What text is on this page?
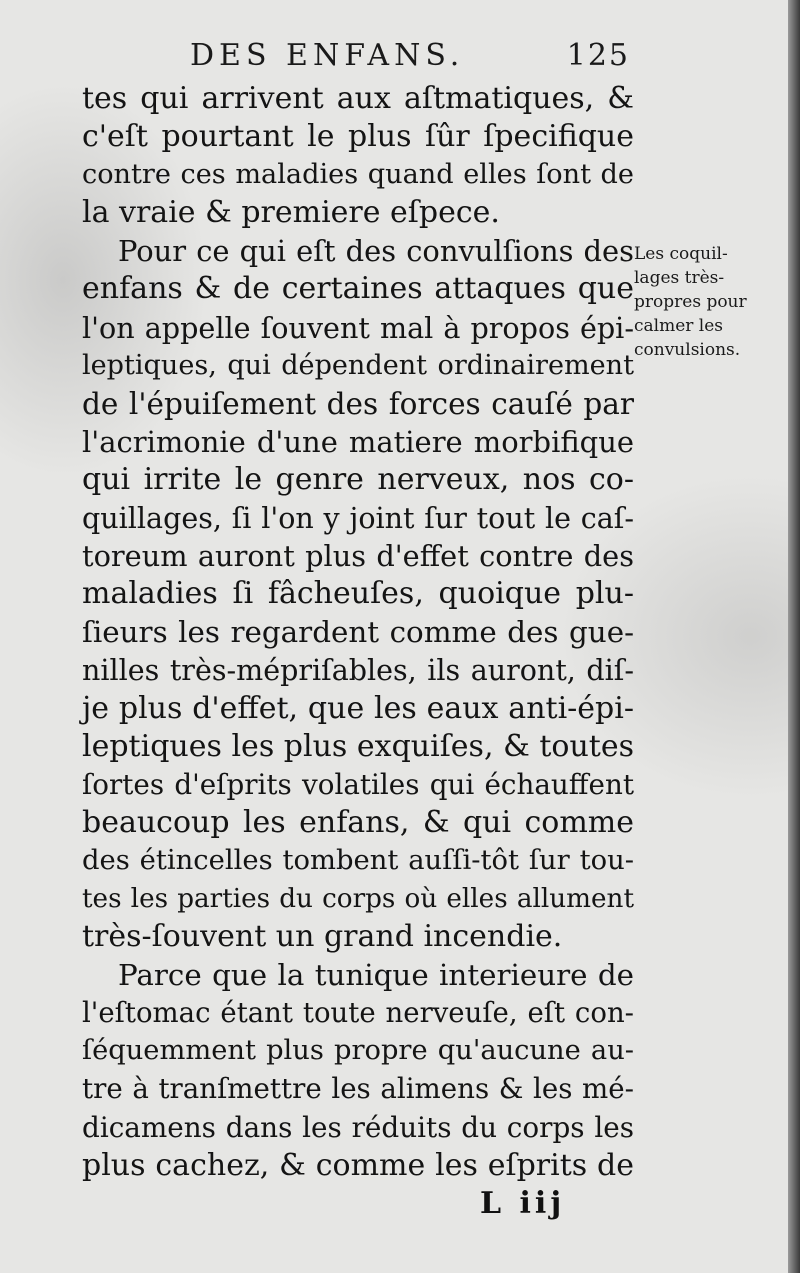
DES ENFANS.	125
tes qui arrivent aux aſtmatiques, &
c'eſt pourtant le plus ſûr ſpecifique
contre ces maladies quand elles ſont de
la vraie & premiere eſpece.
Pour ce qui eſt des convulſions des
enfans & de certaines attaques que
l'on appelle ſouvent mal à propos épi-
leptiques, qui dépendent ordinairement
de l'épuiſement des forces cauſé par
l'acrimonie d'une matiere morbifique
qui irrite le genre nerveux, nos co-
quillages, ſi l'on y joint ſur tout le caſ-
toreum auront plus d'effet contre des
maladies ſi fâcheuſes, quoique plu-
ſieurs les regardent comme des gue-
nilles très-mépriſables, ils auront, diſ-
je plus d'effet, que les eaux anti-épi-
leptiques les plus exquiſes, & toutes
ſortes d'eſprits volatiles qui échauffent
beaucoup les enfans, & qui comme
des étincelles tombent auſſi-tôt ſur tou-
tes les parties du corps où elles allument
très-ſouvent un grand incendie.
Parce que la tunique interieure de
l'eſtomac étant toute nerveuſe, eſt con-
ſéquemment plus propre qu'aucune au-
tre à tranſmettre les alimens & les mé-
dicamens dans les réduits du corps les
plus cachez, & comme les eſprits de
Les coquil-
lages très-
propres pour
calmer les
convulsions.
L iij
